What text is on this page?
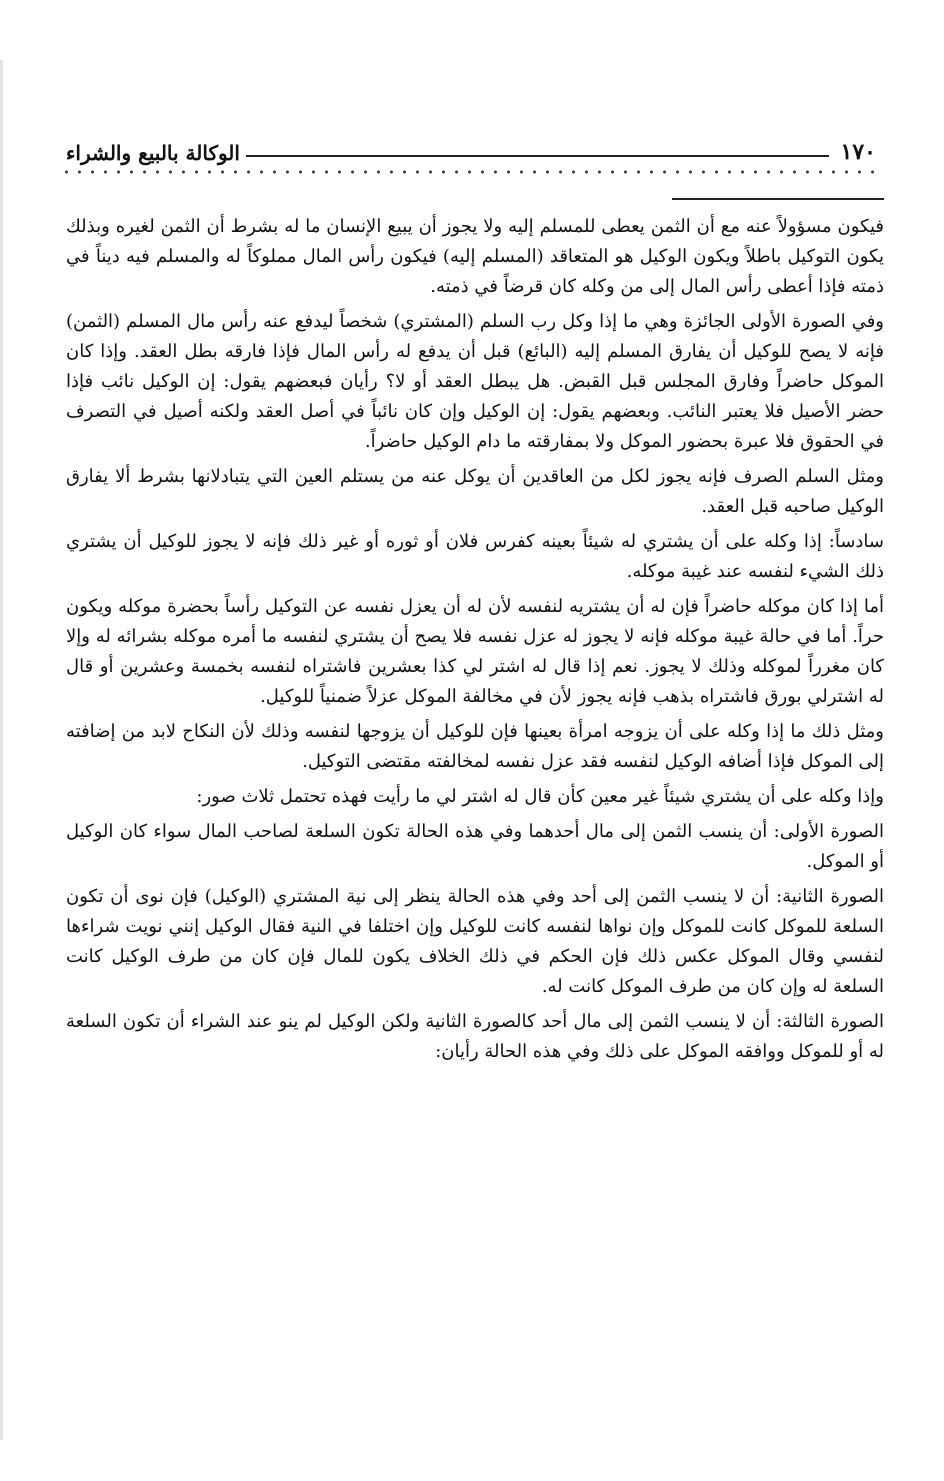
١٧٠
الوكالة بالبيع والشراء

فيكون مسؤولاً عنه مع أن الثمن يعطى للمسلم إليه ولا يجوز أن يبيع الإنسان ما له بشرط أن الثمن لغيره وبذلك يكون التوكيل باطلاً ويكون الوكيل هو المتعاقد (المسلم إليه) فيكون رأس المال مملوكاً له والمسلم فيه ديناً في ذمته فإذا أعطى رأس المال إلى من وكله كان قرضاً في ذمته.

وفي الصورة الأولى الجائزة وهي ما إذا وكل رب السلم (المشتري) شخصاً ليدفع عنه رأس مال المسلم (الثمن) فإنه لا يصح للوكيل أن يفارق المسلم إليه (البائع) قبل أن يدفع له رأس المال فإذا فارقه بطل العقد. وإذا كان الموكل حاضراً وفارق المجلس قبل القبض. هل يبطل العقد أو لا؟ رأيان فبعضهم يقول: إن الوكيل نائب فإذا حضر الأصيل فلا يعتبر النائب. وبعضهم يقول: إن الوكيل وإن كان نائباً في أصل العقد ولكنه أصيل في التصرف في الحقوق فلا عبرة بحضور الموكل ولا بمفارقته ما دام الوكيل حاضراً.

ومثل السلم الصرف فإنه يجوز لكل من العاقدين أن يوكل عنه من يستلم العين التي يتبادلانها بشرط ألا يفارق الوكيل صاحبه قبل العقد.

سادساً: إذا وكله على أن يشتري له شيئاً بعينه كفرس فلان أو ثوره أو غير ذلك فإنه لا يجوز للوكيل أن يشتري ذلك الشيء لنفسه عند غيبة موكله.

أما إذا كان موكله حاضراً فإن له أن يشتريه لنفسه لأن له أن يعزل نفسه عن التوكيل رأساً بحضرة موكله ويكون حراً. أما في حالة غيبة موكله فإنه لا يجوز له عزل نفسه فلا يصح أن يشتري لنفسه ما أمره موكله بشرائه له وإلا كان مغرراً لموكله وذلك لا يجوز. نعم إذا قال له اشتر لي كذا بعشرين فاشتراه لنفسه بخمسة وعشرين أو قال له اشترلي بورق فاشتراه بذهب فإنه يجوز لأن في مخالفة الموكل عزلاً ضمنياً للوكيل.

ومثل ذلك ما إذا وكله على أن يزوجه امرأة بعينها فإن للوكيل أن يزوجها لنفسه وذلك لأن النكاح لابد من إضافته إلى الموكل فإذا أضافه الوكيل لنفسه فقد عزل نفسه لمخالفته مقتضى التوكيل.

وإذا وكله على أن يشتري شيئاً غير معين كأن قال له اشتر لي ما رأيت فهذه تحتمل ثلاث صور:

الصورة الأولى: أن ينسب الثمن إلى مال أحدهما وفي هذه الحالة تكون السلعة لصاحب المال سواء كان الوكيل أو الموكل.

الصورة الثانية: أن لا ينسب الثمن إلى أحد وفي هذه الحالة ينظر إلى نية المشتري (الوكيل) فإن نوى أن تكون السلعة للموكل كانت للموكل وإن نواها لنفسه كانت للوكيل وإن اختلفا في النية فقال الوكيل إنني نويت شراءها لنفسي وقال الموكل عكس ذلك فإن الحكم في ذلك الخلاف يكون للمال فإن كان من طرف الوكيل كانت السلعة له وإن كان من طرف الموكل كانت له.

الصورة الثالثة: أن لا ينسب الثمن إلى مال أحد كالصورة الثانية ولكن الوكيل لم ينو عند الشراء أن تكون السلعة له أو للموكل ووافقه الموكل على ذلك وفي هذه الحالة رأيان:
